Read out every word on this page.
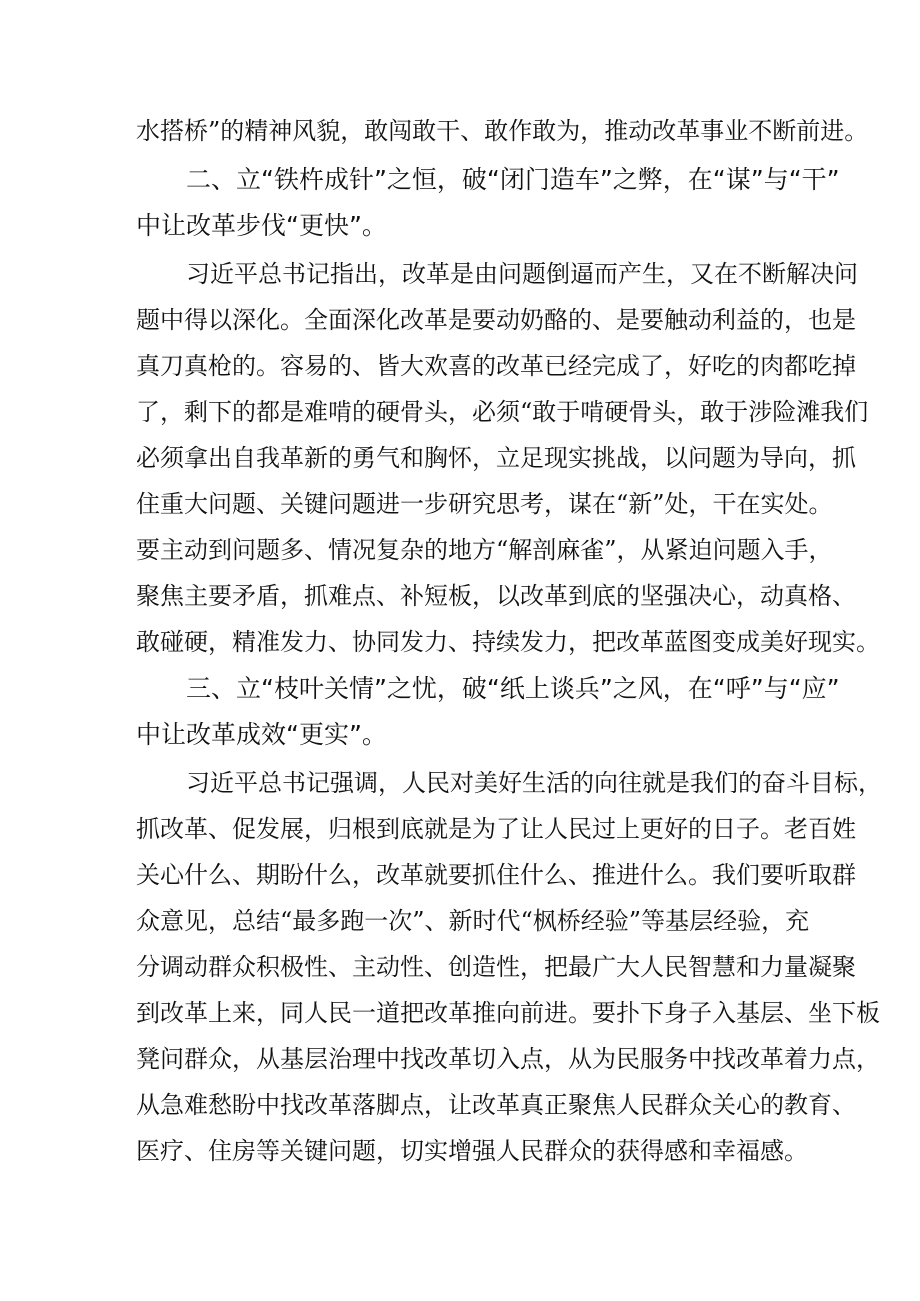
水搭桥”的精神风貌，敢闯敢干、敢作敢为，推动改革事业不断前进。
二、立“铁杵成针”之恒，破“闭门造车”之弊，在“谋”与“干”
中让改革步伐“更快”。
习近平总书记指出，改革是由问题倒逼而产生，又在不断解决问
题中得以深化。全面深化改革是要动奶酪的、是要触动利益的，也是
真刀真枪的。容易的、皆大欢喜的改革已经完成了，好吃的肉都吃掉
了，剩下的都是难啃的硬骨头，必须“敢于啃硬骨头，敢于涉险滩我们
必须拿出自我革新的勇气和胸怀，立足现实挑战，以问题为导向，抓
住重大问题、关键问题进一步研究思考，谋在“新”处，干在实处。
要主动到问题多、情况复杂的地方“解剖麻雀”，从紧迫问题入手，
聚焦主要矛盾，抓难点、补短板，以改革到底的坚强决心，动真格、
敢碰硬，精准发力、协同发力、持续发力，把改革蓝图变成美好现实。
三、立“枝叶关情”之忧，破“纸上谈兵”之风，在“呼”与“应”
中让改革成效“更实”。
习近平总书记强调，人民对美好生活的向往就是我们的奋斗目标，
抓改革、促发展，归根到底就是为了让人民过上更好的日子。老百姓
关心什么、期盼什么，改革就要抓住什么、推进什么。我们要听取群
众意见，总结“最多跑一次”、新时代“枫桥经验”等基层经验，充
分调动群众积极性、主动性、创造性，把最广大人民智慧和力量凝聚
到改革上来，同人民一道把改革推向前进。要扑下身子入基层、坐下板
凳问群众，从基层治理中找改革切入点，从为民服务中找改革着力点，
从急难愁盼中找改革落脚点，让改革真正聚焦人民群众关心的教育、
医疗、住房等关键问题，切实增强人民群众的获得感和幸福感。
